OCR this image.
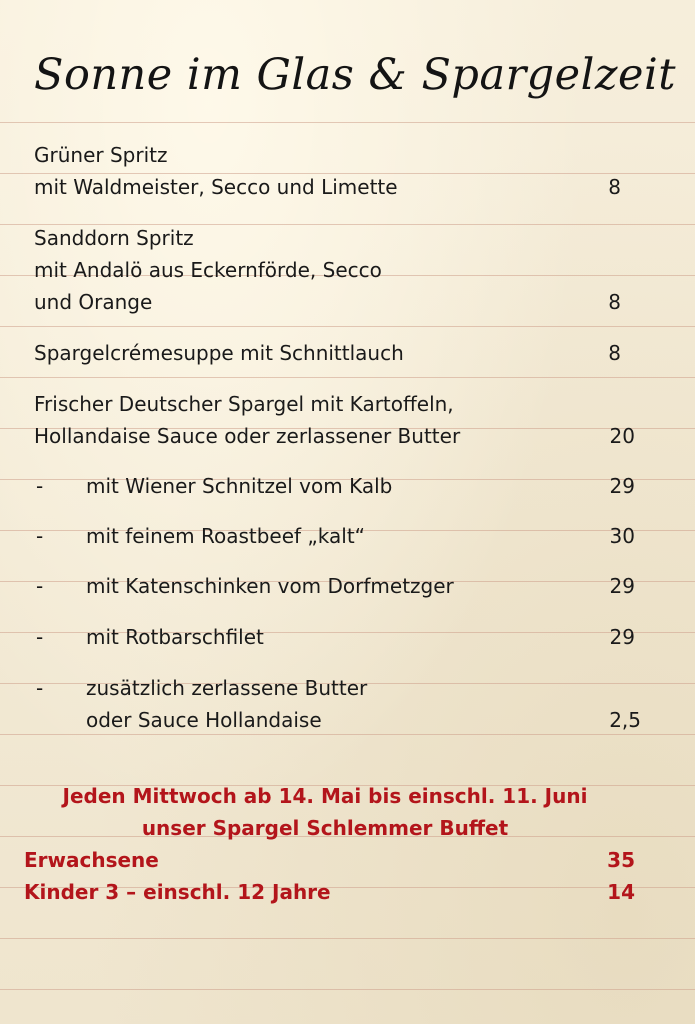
Sonne im Glas & Spargelzeit
Grüner Spritz
mit Waldmeister, Secco und Limette	8
Sanddorn Spritz
mit Andalö aus Eckernförde, Secco
und Orange	8
Spargelcrémesuppe mit Schnittlauch	8
Frischer Deutscher Spargel mit Kartoffeln,
Hollandaise Sauce oder zerlassener Butter	20
- mit Wiener Schnitzel vom Kalb	29
- mit feinem Roastbeef „kalt“	30
- mit Katenschinken vom Dorfmetzger	29
- mit Rotbarschfilet	29
- zusätzlich zerlassene Butter
oder Sauce Hollandaise	2,5
Jeden Mittwoch ab 14. Mai bis einschl. 11. Juni
unser Spargel Schlemmer Buffet
Erwachsene	35
Kinder 3 – einschl. 12 Jahre	14
